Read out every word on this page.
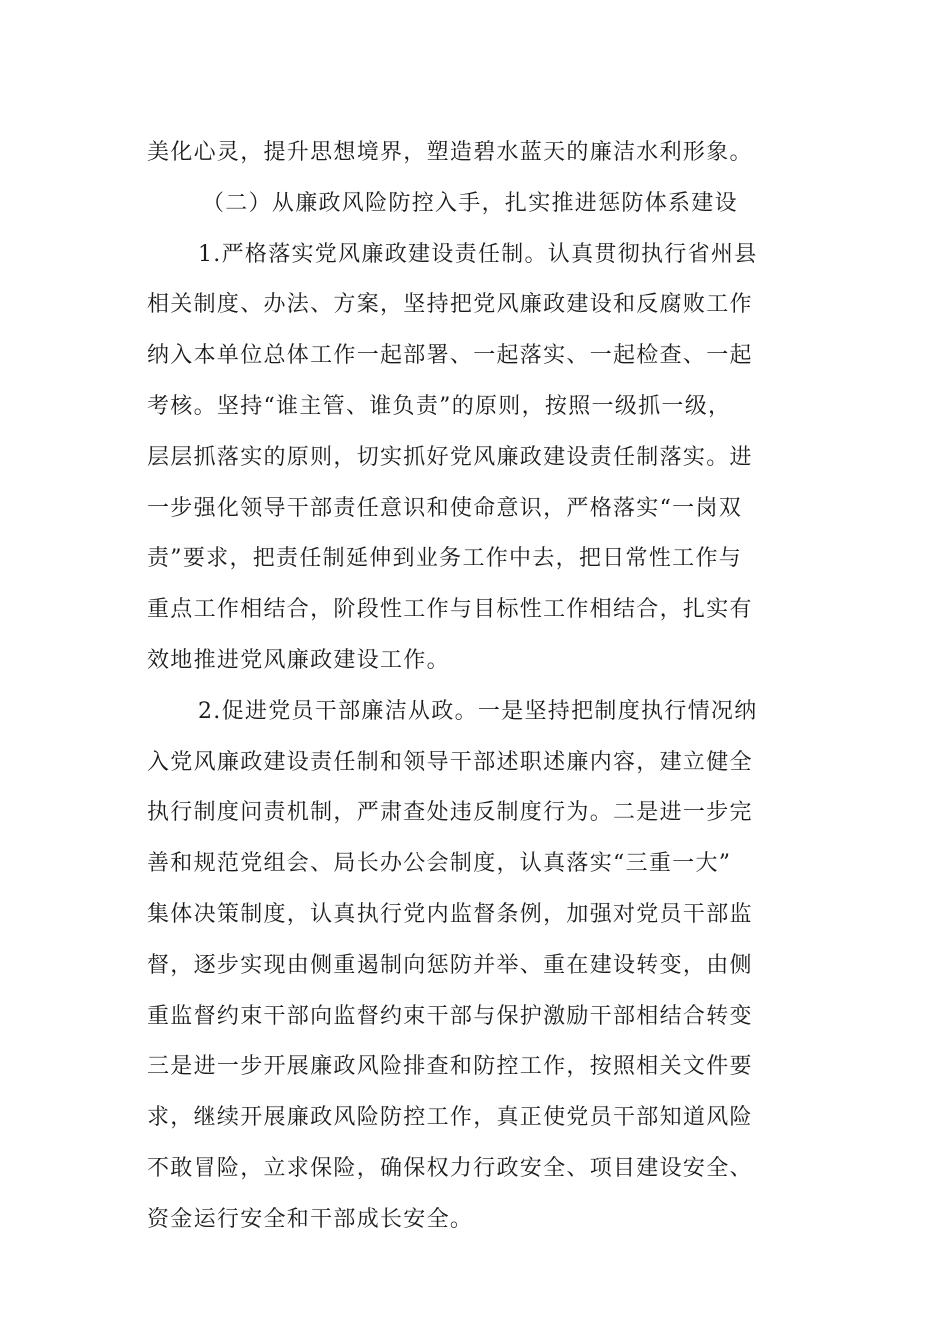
美化心灵，提升思想境界，塑造碧水蓝天的廉洁水利形象。
（二）从廉政风险防控入手，扎实推进惩防体系建设
1.严格落实党风廉政建设责任制。认真贯彻执行省州县
相关制度、办法、方案，坚持把党风廉政建设和反腐败工作
纳入本单位总体工作一起部署、一起落实、一起检查、一起
考核。坚持“谁主管、谁负责”的原则，按照一级抓一级，
层层抓落实的原则，切实抓好党风廉政建设责任制落实。进
一步强化领导干部责任意识和使命意识，严格落实“一岗双
责”要求，把责任制延伸到业务工作中去，把日常性工作与
重点工作相结合，阶段性工作与目标性工作相结合，扎实有
效地推进党风廉政建设工作。
2.促进党员干部廉洁从政。一是坚持把制度执行情况纳
入党风廉政建设责任制和领导干部述职述廉内容，建立健全
执行制度问责机制，严肃查处违反制度行为。二是进一步完
善和规范党组会、局长办公会制度，认真落实“三重一大”
集体决策制度，认真执行党内监督条例，加强对党员干部监
督，逐步实现由侧重遏制向惩防并举、重在建设转变，由侧
重监督约束干部向监督约束干部与保护激励干部相结合转变
三是进一步开展廉政风险排查和防控工作，按照相关文件要
求，继续开展廉政风险防控工作，真正使党员干部知道风险
不敢冒险，立求保险，确保权力行政安全、项目建设安全、
资金运行安全和干部成长安全。
